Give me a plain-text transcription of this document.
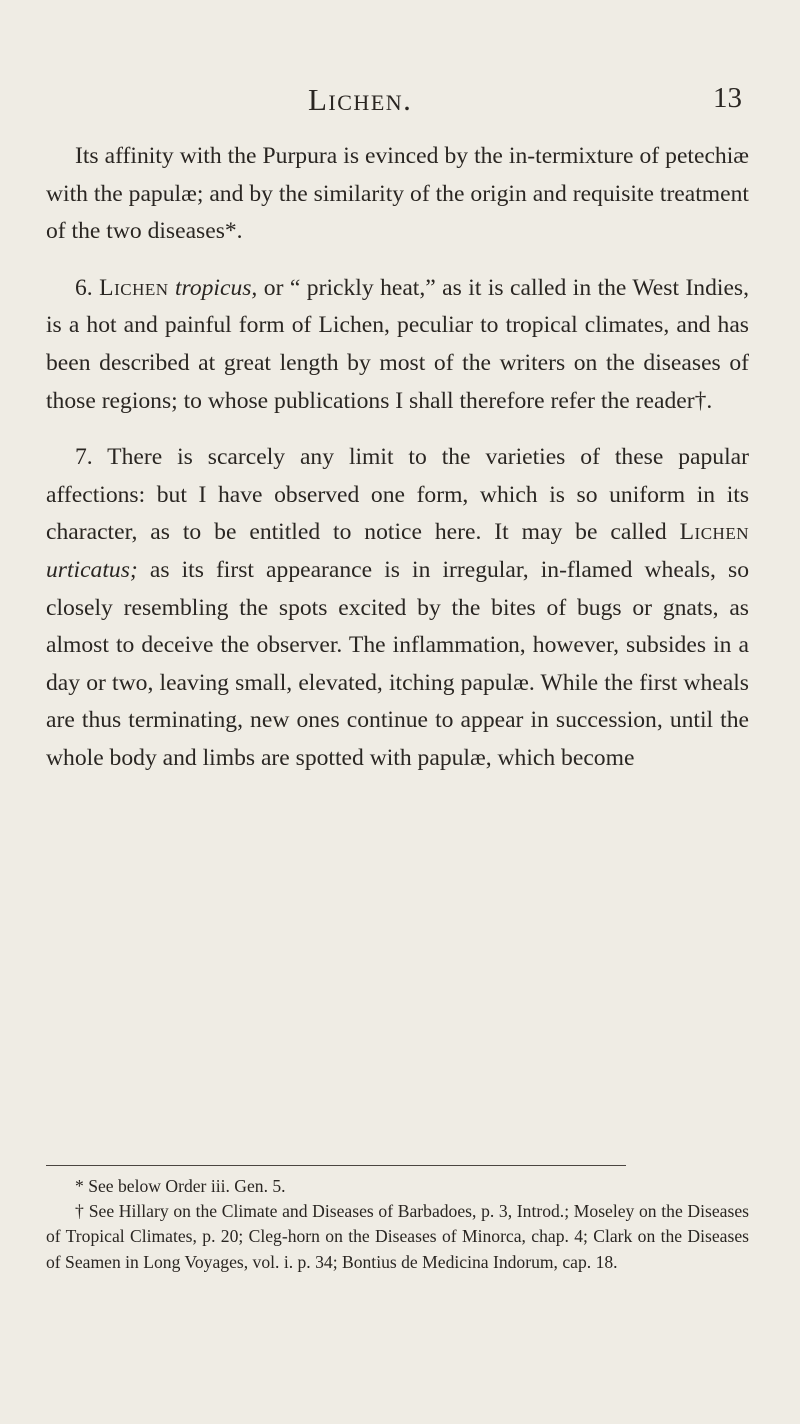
Lichen.	13

Its affinity with the Purpura is evinced by the in-termixture of petechiæ with the papulæ; and by the similarity of the origin and requisite treatment of the two diseases*.

6. Lichen tropicus, or “ prickly heat,” as it is called in the West Indies, is a hot and painful form of Lichen, peculiar to tropical climates, and has been described at great length by most of the writers on the diseases of those regions; to whose publications I shall therefore refer the reader†.

7. There is scarcely any limit to the varieties of these papular affections: but I have observed one form, which is so uniform in its character, as to be entitled to notice here. It may be called Lichen urticatus; as its first appearance is in irregular, in-flamed wheals, so closely resembling the spots excited by the bites of bugs or gnats, as almost to deceive the observer. The inflammation, however, subsides in a day or two, leaving small, elevated, itching papulæ. While the first wheals are thus terminating, new ones continue to appear in succession, until the whole body and limbs are spotted with papulæ, which become

* See below Order iii. Gen. 5.

† See Hillary on the Climate and Diseases of Barbadoes, p. 3, Introd.; Moseley on the Diseases of Tropical Climates, p. 20; Cleg-horn on the Diseases of Minorca, chap. 4; Clark on the Diseases of Seamen in Long Voyages, vol. i. p. 34; Bontius de Medicina Indorum, cap. 18.
